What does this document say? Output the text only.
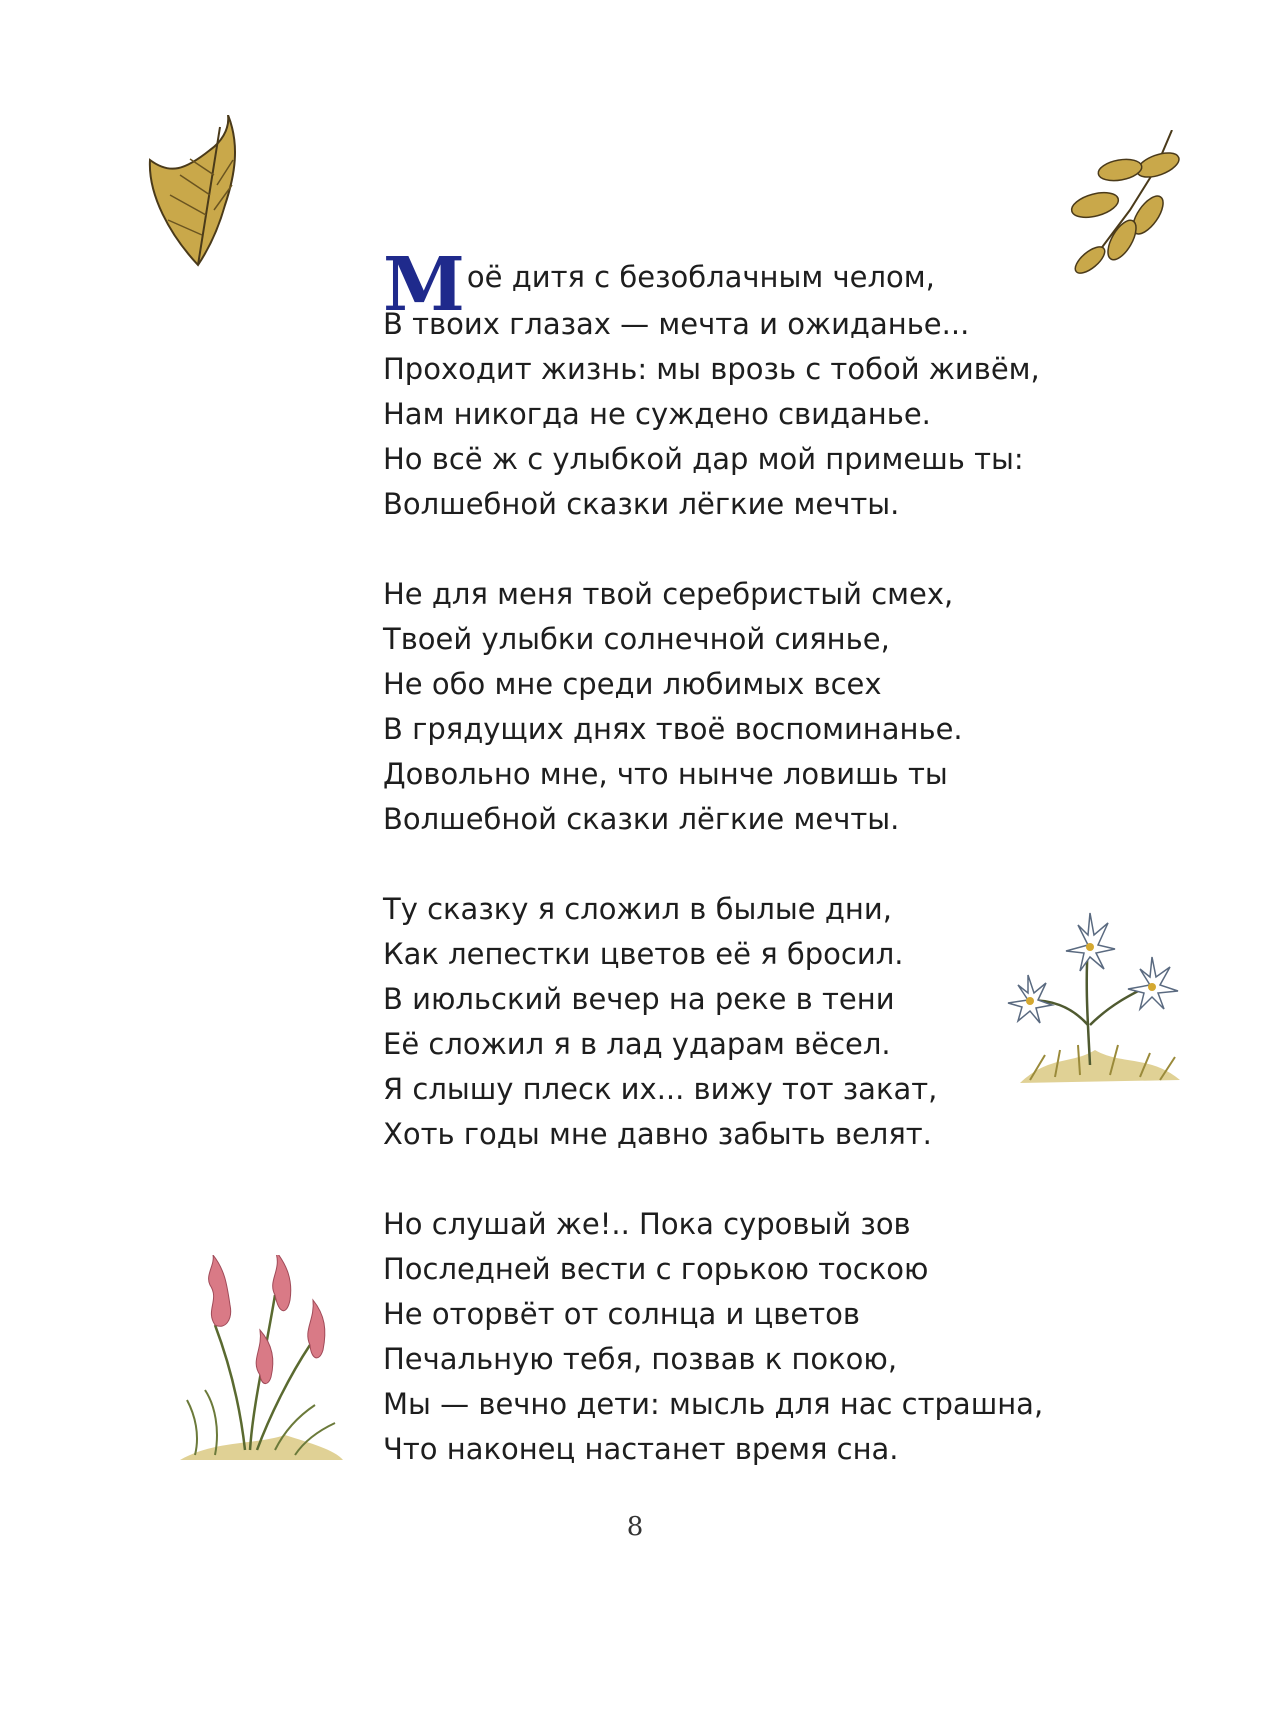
Моё дитя с безоблачным челом,
В твоих глазах — мечта и ожиданье...
Проходит жизнь: мы врозь с тобой живём,
Нам никогда не суждено свиданье.
Но всё ж с улыбкой дар мой примешь ты:
Волшебной сказки лёгкие мечты.
Не для меня твой серебристый смех,
Твоей улыбки солнечной сиянье,
Не обо мне среди любимых всех
В грядущих днях твоё воспоминанье.
Довольно мне, что нынче ловишь ты
Волшебной сказки лёгкие мечты.
Ту сказку я сложил в былые дни,
Как лепестки цветов её я бросил.
В июльский вечер на реке в тени
Её сложил я в лад ударам вёсел.
Я слышу плеск их... вижу тот закат,
Хоть годы мне давно забыть велят.
Но слушай же!.. Пока суровый зов
Последней вести с горькою тоскою
Не оторвёт от солнца и цветов
Печальную тебя, позвав к покою,
Мы — вечно дети: мысль для нас страшна,
Что наконец настанет время сна.
8
